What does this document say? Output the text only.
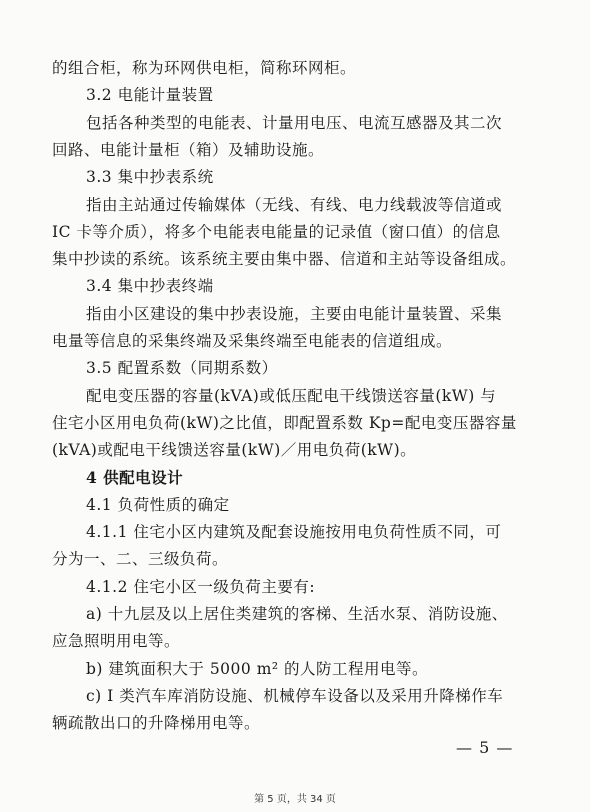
的组合柜，称为环网供电柜，简称环网柜。
3.2 电能计量装置
包括各种类型的电能表、计量用电压、电流互感器及其二次
回路、电能计量柜（箱）及辅助设施。
3.3 集中抄表系统
指由主站通过传输媒体（无线、有线、电力线载波等信道或
IC 卡等介质），将多个电能表电能量的记录值（窗口值）的信息
集中抄读的系统。该系统主要由集中器、信道和主站等设备组成。
3.4 集中抄表终端
指由小区建设的集中抄表设施，主要由电能计量装置、采集
电量等信息的采集终端及采集终端至电能表的信道组成。
3.5 配置系数（同期系数）
配电变压器的容量(kVA)或低压配电干线馈送容量(kW) 与
住宅小区用电负荷(kW)之比值，即配置系数 Kp=配电变压器容量
(kVA)或配电干线馈送容量(kW)／用电负荷(kW)。
4 供配电设计
4.1 负荷性质的确定
4.1.1 住宅小区内建筑及配套设施按用电负荷性质不同，可
分为一、二、三级负荷。
4.1.2 住宅小区一级负荷主要有:
a) 十九层及以上居住类建筑的客梯、生活水泵、消防设施、
应急照明用电等。
b) 建筑面积大于 5000 m² 的人防工程用电等。
c) I 类汽车库消防设施、机械停车设备以及采用升降梯作车
辆疏散出口的升降梯用电等。
— 5 —
第 5 页，共 34 页
